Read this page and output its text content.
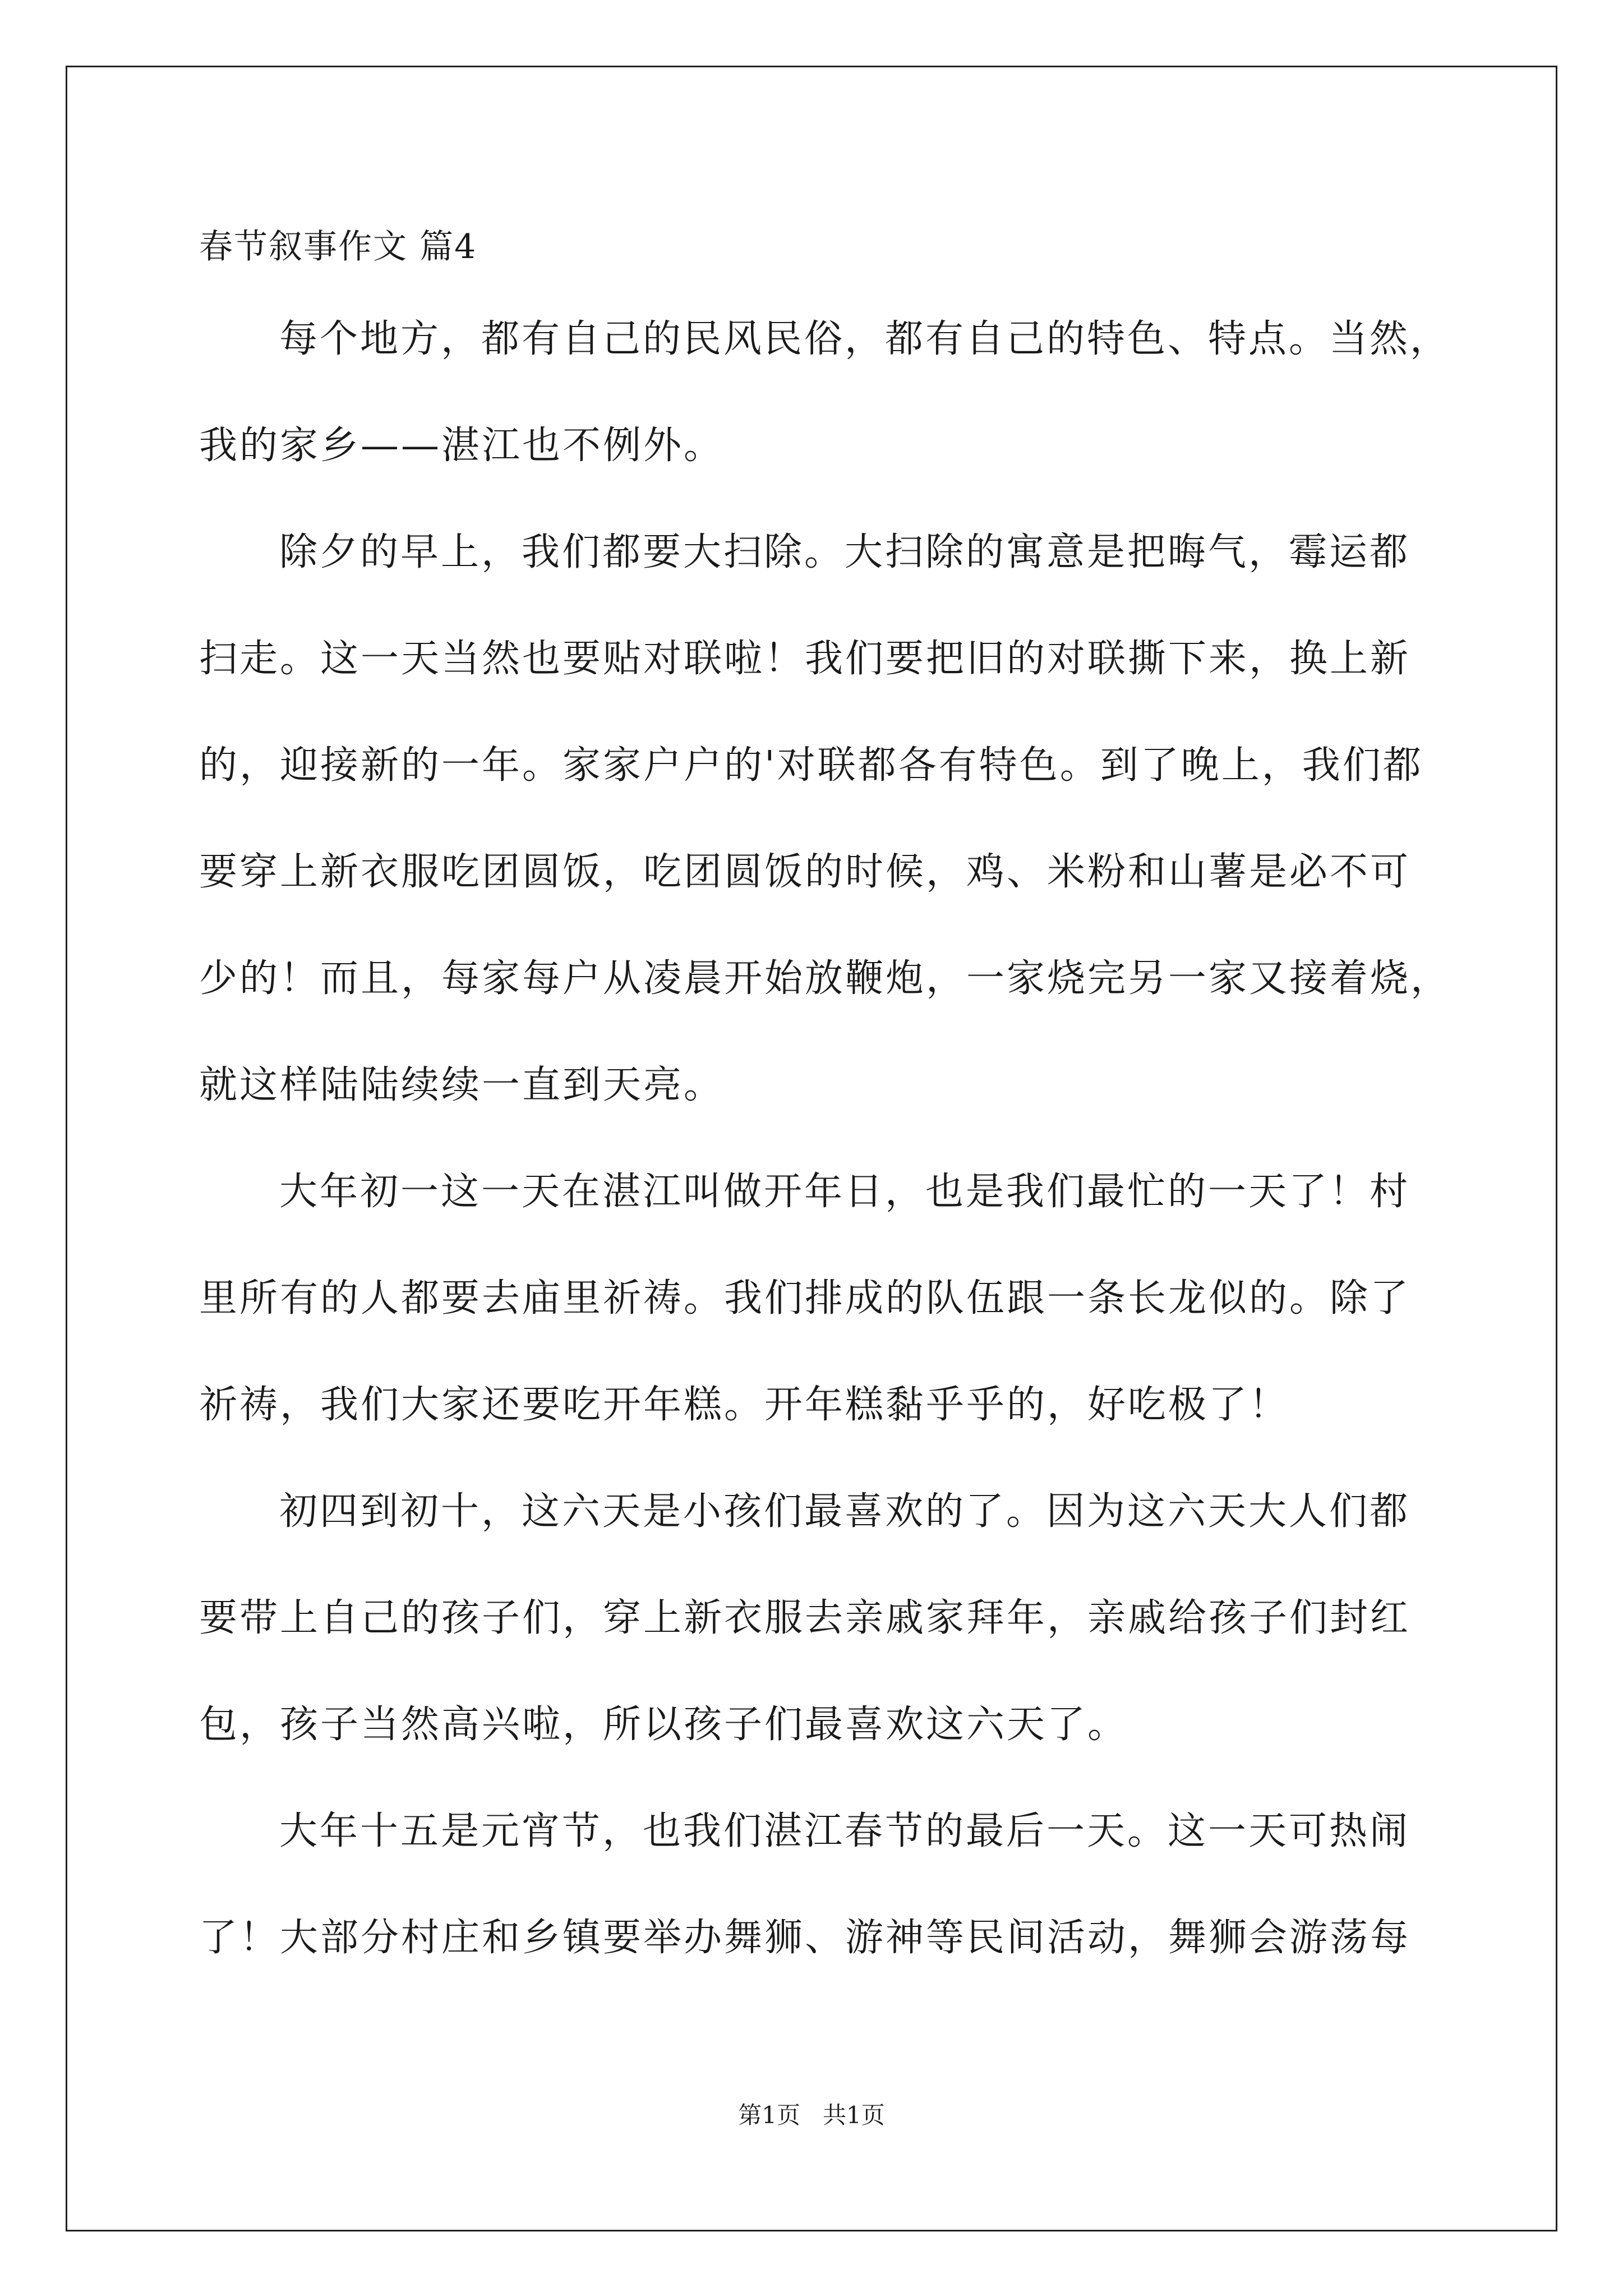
春节叙事作文 篇4
每个地方，都有自己的民风民俗，都有自己的特色、特点。当然，
我的家乡——湛江也不例外。
除夕的早上，我们都要大扫除。大扫除的寓意是把晦气，霉运都
扫走。这一天当然也要贴对联啦！我们要把旧的对联撕下来，换上新
的，迎接新的一年。家家户户的'对联都各有特色。到了晚上，我们都
要穿上新衣服吃团圆饭，吃团圆饭的时候，鸡、米粉和山薯是必不可
少的！而且，每家每户从凌晨开始放鞭炮，一家烧完另一家又接着烧，
就这样陆陆续续一直到天亮。
大年初一这一天在湛江叫做开年日，也是我们最忙的一天了！村
里所有的人都要去庙里祈祷。我们排成的队伍跟一条长龙似的。除了
祈祷，我们大家还要吃开年糕。开年糕黏乎乎的，好吃极了！
初四到初十，这六天是小孩们最喜欢的了。因为这六天大人们都
要带上自己的孩子们，穿上新衣服去亲戚家拜年，亲戚给孩子们封红
包，孩子当然高兴啦，所以孩子们最喜欢这六天了。
大年十五是元宵节，也我们湛江春节的最后一天。这一天可热闹
了！大部分村庄和乡镇要举办舞狮、游神等民间活动，舞狮会游荡每
第1页   共1页
